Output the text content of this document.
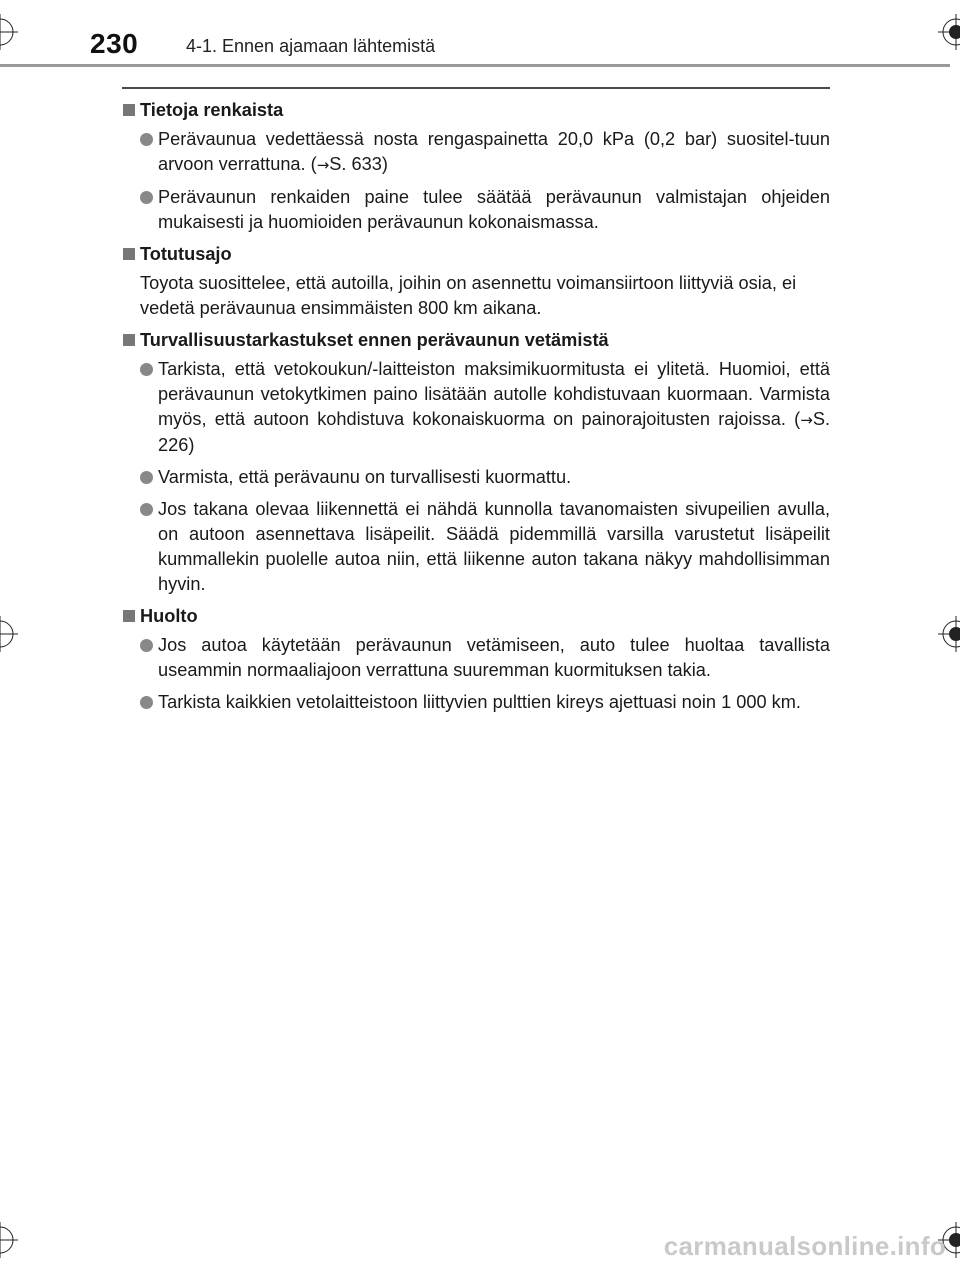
230	4-1. Ennen ajamaan lähtemistä
Tietoja renkaista
Perävaunua vedettäessä nosta rengaspainetta 20,0 kPa (0,2 bar) suositel-tuun arvoon verrattuna. (→S. 633)
Perävaunun renkaiden paine tulee säätää perävaunun valmistajan ohjeiden mukaisesti ja huomioiden perävaunun kokonaismassa.
Totutusajo
Toyota suosittelee, että autoilla, joihin on asennettu voimansiirtoon liittyviä osia, ei vedetä perävaunua ensimmäisten 800 km aikana.
Turvallisuustarkastukset ennen perävaunun vetämistä
Tarkista, että vetokoukun/-laitteiston maksimikuormitusta ei ylitetä. Huomioi, että perävaunun vetokytkimen paino lisätään autolle kohdistuvaan kuormaan. Varmista myös, että autoon kohdistuva kokonaiskuorma on painorajoitusten rajoissa. (→S. 226)
Varmista, että perävaunu on turvallisesti kuormattu.
Jos takana olevaa liikennettä ei nähdä kunnolla tavanomaisten sivupeilien avulla, on autoon asennettava lisäpeilit. Säädä pidemmillä varsilla varustetut lisäpeilit kummallekin puolelle autoa niin, että liikenne auton takana näkyy mahdollisimman hyvin.
Huolto
Jos autoa käytetään perävaunun vetämiseen, auto tulee huoltaa tavallista useammin normaaliajoon verrattuna suuremman kuormituksen takia.
Tarkista kaikkien vetolaitteistoon liittyvien pulttien kireys ajettuasi noin 1 000 km.
carmanualsonline.info
